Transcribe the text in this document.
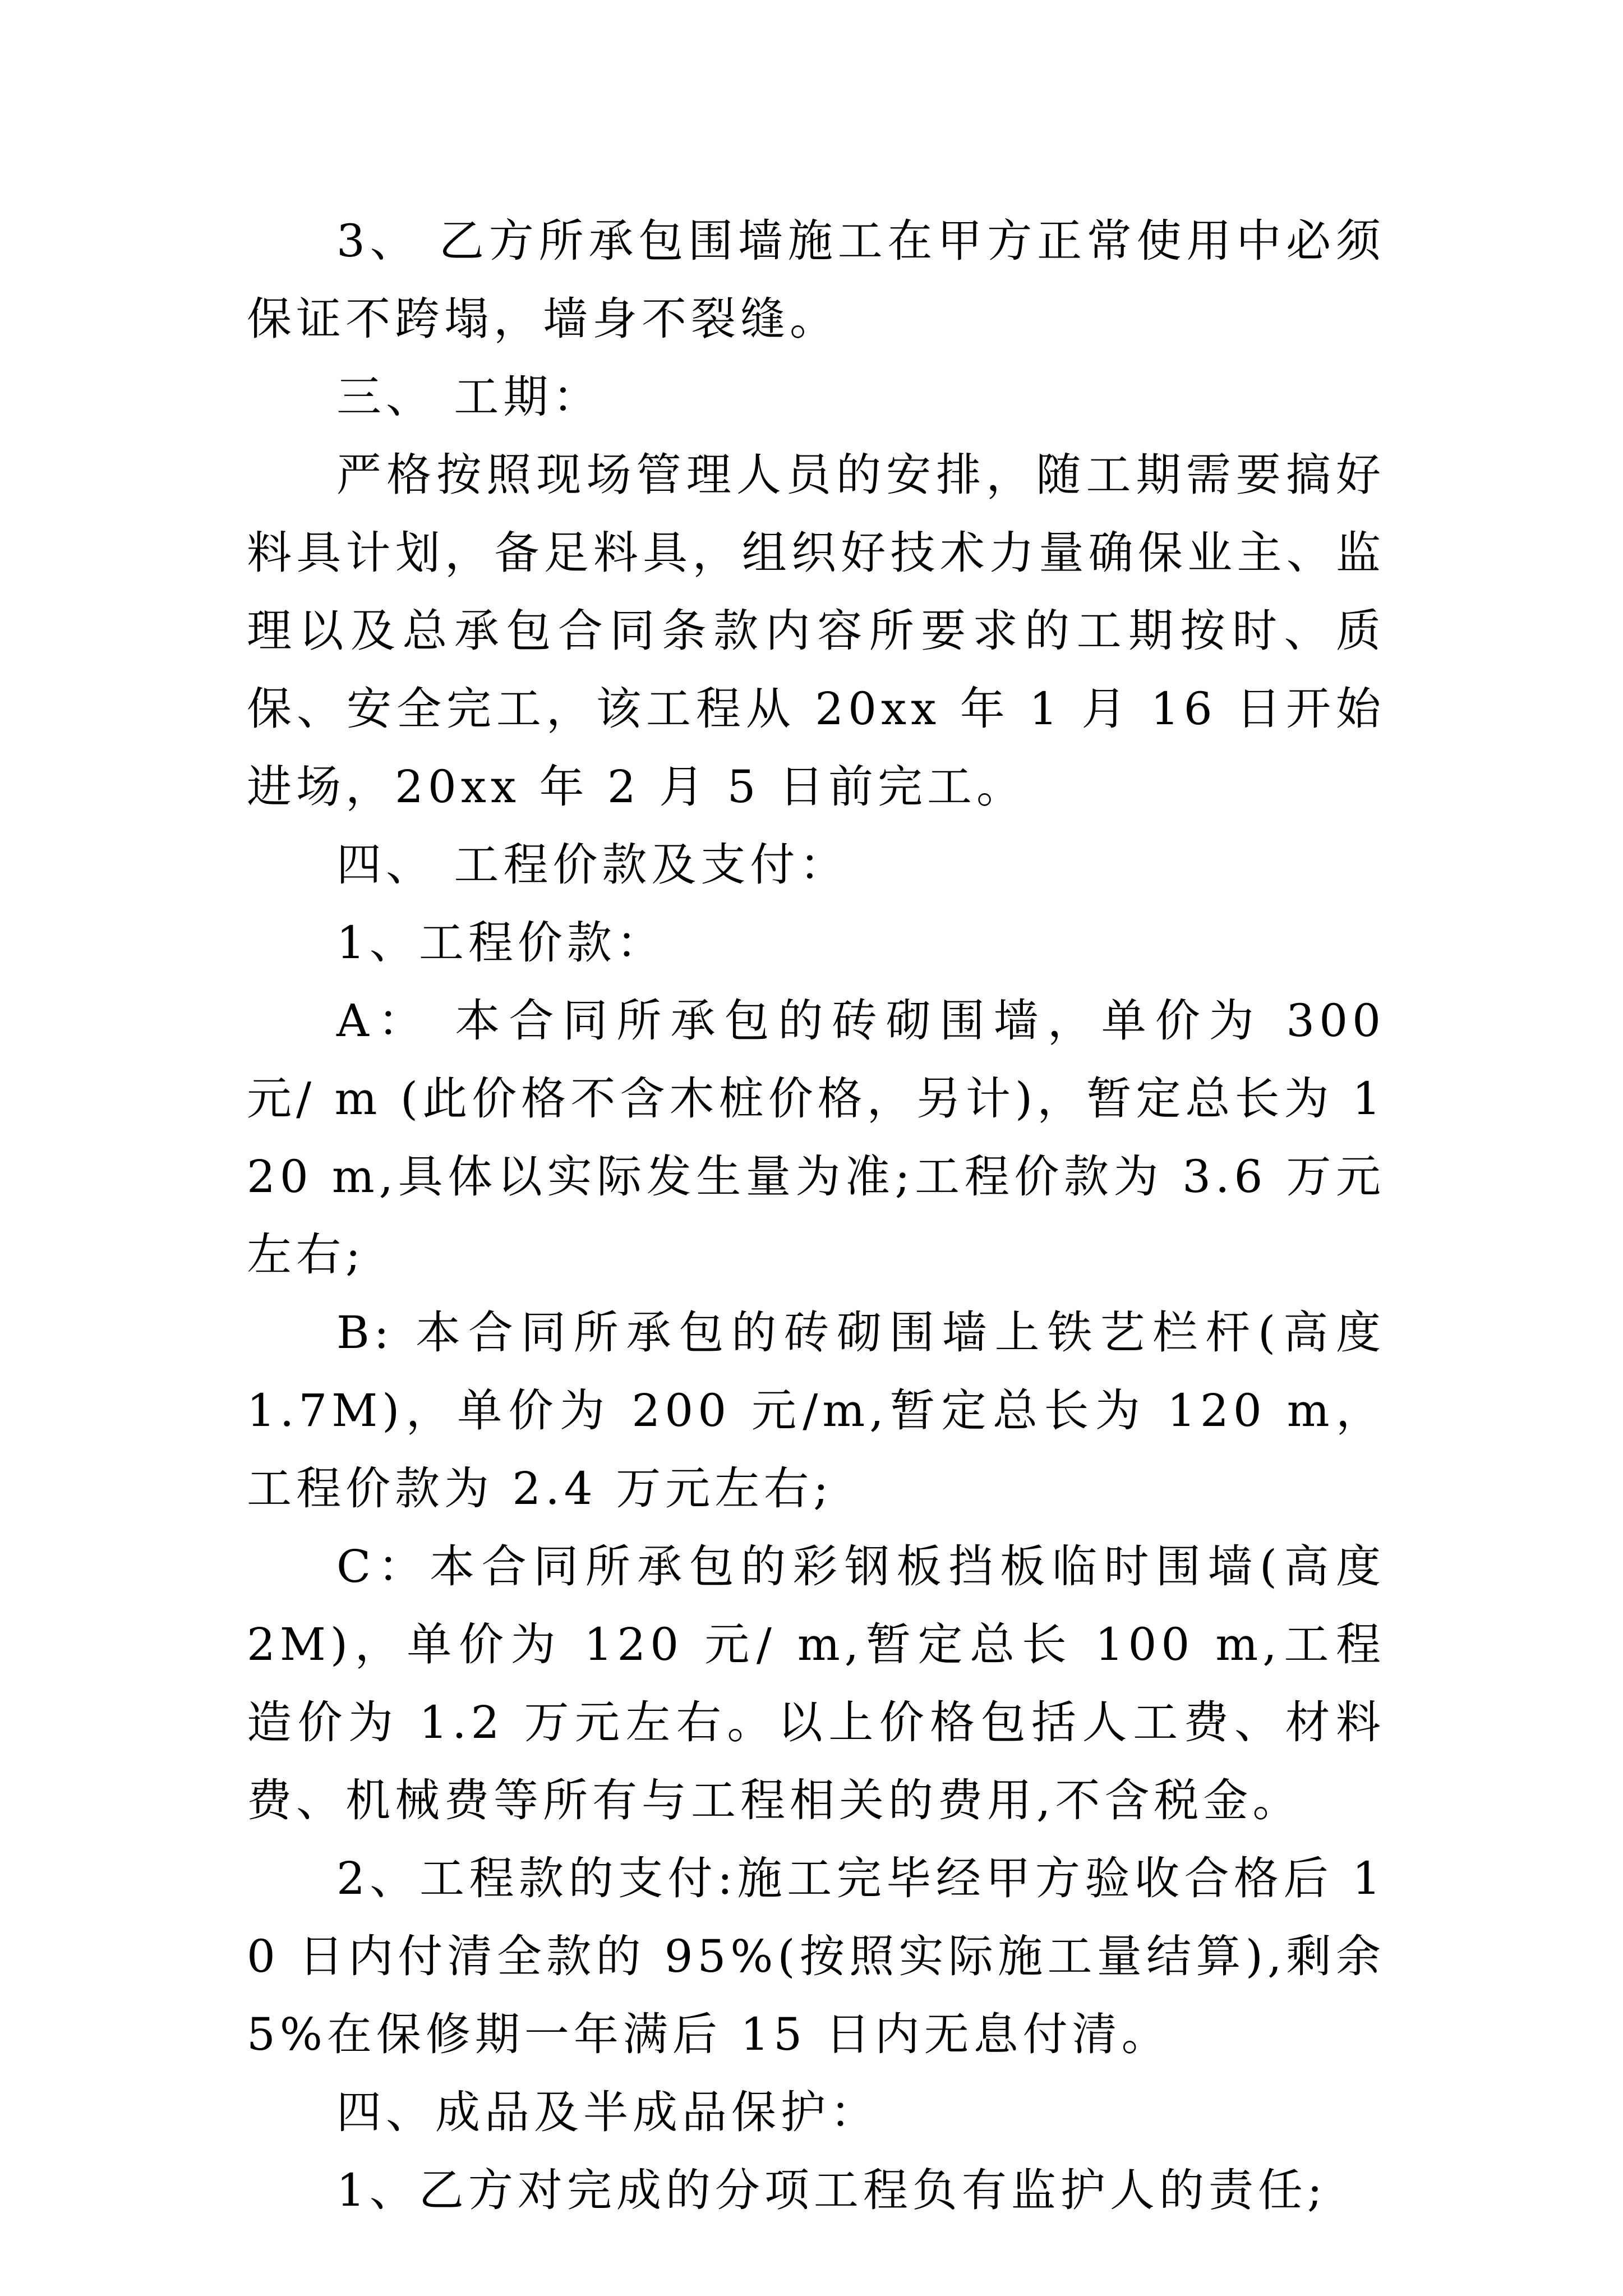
3、 乙方所承包围墙施工在甲方正常使用中必须保证不跨塌，墙身不裂缝。

三、 工期：

严格按照现场管理人员的安排，随工期需要搞好料具计划，备足料具，组织好技术力量确保业主、监理以及总承包合同条款内容所要求的工期按时、质保、安全完工，该工程从 20xx 年 1 月 16 日开始进场，20xx 年 2 月 5 日前完工。

四、 工程价款及支付：

1、工程价款：

A： 本合同所承包的砖砌围墙，单价为 300 元/ m (此价格不含木桩价格，另计)，暂定总长为 120 m,具体以实际发生量为准;工程价款为 3.6 万元左右;

B: 本合同所承包的砖砌围墙上铁艺栏杆(高度 1.7M)，单价为 200 元/m,暂定总长为 120 m，工程价款为 2.4 万元左右;

C：本合同所承包的彩钢板挡板临时围墙(高度 2M)，单价为 120 元/ m,暂定总长 100 m,工程造价为 1.2 万元左右。以上价格包括人工费、材料费、机械费等所有与工程相关的费用,不含税金。

2、工程款的支付:施工完毕经甲方验收合格后 10 日内付清全款的 95%(按照实际施工量结算),剩余 5%在保修期一年满后 15 日内无息付清。

四、成品及半成品保护：

1、乙方对完成的分项工程负有监护人的责任;
